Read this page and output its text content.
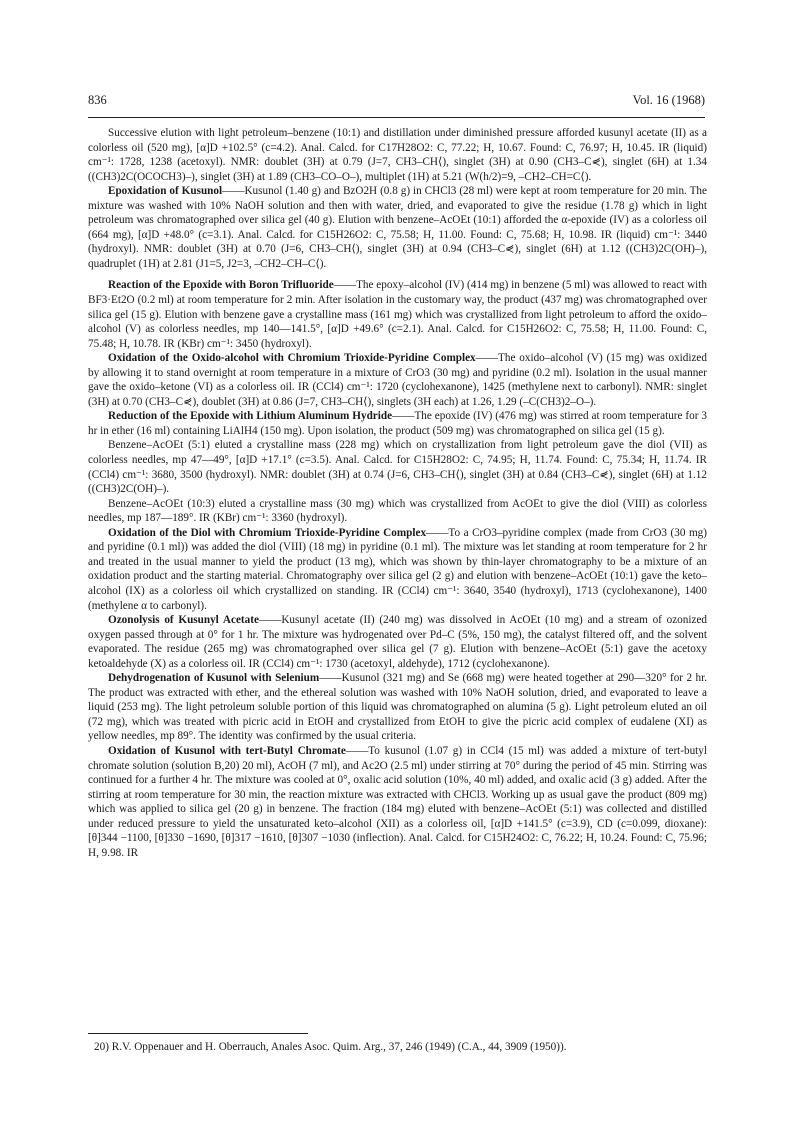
836	Vol. 16 (1968)

Successive elution with light petroleum–benzene (10:1) and distillation under diminished pressure afforded kusunyl acetate (II) as a colorless oil (520 mg), [α]D +102.5° (c=4.2). Anal. Calcd. for C17H28O2: C, 77.22; H, 10.67. Found: C, 76.97; H, 10.45. IR (liquid) cm⁻¹: 1728, 1238 (acetoxyl). NMR: doublet (3H) at 0.79 (J=7, CH3–CH⟨), singlet (3H) at 0.90 (CH3–C⋞), singlet (6H) at 1.34 ((CH3)2C(OCOCH3)–), singlet (3H) at 1.89 (CH3–CO–O–), multiplet (1H) at 5.21 (W(h/2)=9, –CH2–CH=C⟨).

Epoxidation of Kusunol——Kusunol (1.40 g) and BzO2H (0.8 g) in CHCl3 (28 ml) were kept at room temperature for 20 min. The mixture was washed with 10% NaOH solution and then with water, dried, and evaporated to give the residue (1.78 g) which in light petroleum was chromatographed over silica gel (40 g). Elution with benzene–AcOEt (10:1) afforded the α-epoxide (IV) as a colorless oil (664 mg), [α]D +48.0° (c=3.1). Anal. Calcd. for C15H26O2: C, 75.58; H, 11.00. Found: C, 75.68; H, 10.98. IR (liquid) cm⁻¹: 3440 (hydroxyl). NMR: doublet (3H) at 0.70 (J=6, CH3–CH⟨), singlet (3H) at 0.94 (CH3–C⋞), singlet (6H) at 1.12 ((CH3)2C(OH)–), quadruplet (1H) at 2.81 (J1=5, J2=3, –CH2–CH–C⟨).

Reaction of the Epoxide with Boron Trifluoride——The epoxy–alcohol (IV) (414 mg) in benzene (5 ml) was allowed to react with BF3·Et2O (0.2 ml) at room temperature for 2 min. After isolation in the customary way, the product (437 mg) was chromatographed over silica gel (15 g). Elution with benzene gave a crystalline mass (161 mg) which was crystallized from light petroleum to afford the oxido–alcohol (V) as colorless needles, mp 140—141.5°, [α]D +49.6° (c=2.1). Anal. Calcd. for C15H26O2: C, 75.58; H, 11.00. Found: C, 75.48; H, 10.78. IR (KBr) cm⁻¹: 3450 (hydroxyl).

Oxidation of the Oxido-alcohol with Chromium Trioxide-Pyridine Complex——The oxido–alcohol (V) (15 mg) was oxidized by allowing it to stand overnight at room temperature in a mixture of CrO3 (30 mg) and pyridine (0.2 ml). Isolation in the usual manner gave the oxido–ketone (VI) as a colorless oil. IR (CCl4) cm⁻¹: 1720 (cyclohexanone), 1425 (methylene next to carbonyl). NMR: singlet (3H) at 0.70 (CH3–C⋞), doublet (3H) at 0.86 (J=7, CH3–CH⟨), singlets (3H each) at 1.26, 1.29 (–C(CH3)2–O–).

Reduction of the Epoxide with Lithium Aluminum Hydride——The epoxide (IV) (476 mg) was stirred at room temperature for 3 hr in ether (16 ml) containing LiAlH4 (150 mg). Upon isolation, the product (509 mg) was chromatographed on silica gel (15 g).

Benzene–AcOEt (5:1) eluted a crystalline mass (228 mg) which on crystallization from light petroleum gave the diol (VII) as colorless needles, mp 47—49°, [α]D +17.1° (c=3.5). Anal. Calcd. for C15H28O2: C, 74.95; H, 11.74. Found: C, 75.34; H, 11.74. IR (CCl4) cm⁻¹: 3680, 3500 (hydroxyl). NMR: doublet (3H) at 0.74 (J=6, CH3–CH⟨), singlet (3H) at 0.84 (CH3–C⋞), singlet (6H) at 1.12 ((CH3)2C(OH)–).

Benzene–AcOEt (10:3) eluted a crystalline mass (30 mg) which was crystallized from AcOEt to give the diol (VIII) as colorless needles, mp 187—189°. IR (KBr) cm⁻¹: 3360 (hydroxyl).

Oxidation of the Diol with Chromium Trioxide-Pyridine Complex——To a CrO3–pyridine complex (made from CrO3 (30 mg) and pyridine (0.1 ml)) was added the diol (VIII) (18 mg) in pyridine (0.1 ml). The mixture was let standing at room temperature for 2 hr and treated in the usual manner to yield the product (13 mg), which was shown by thin-layer chromatography to be a mixture of an oxidation product and the starting material. Chromatography over silica gel (2 g) and elution with benzene–AcOEt (10:1) gave the keto–alcohol (IX) as a colorless oil which crystallized on standing. IR (CCl4) cm⁻¹: 3640, 3540 (hydroxyl), 1713 (cyclohexanone), 1400 (methylene α to carbonyl).

Ozonolysis of Kusunyl Acetate——Kusunyl acetate (II) (240 mg) was dissolved in AcOEt (10 mg) and a stream of ozonized oxygen passed through at 0° for 1 hr. The mixture was hydrogenated over Pd–C (5%, 150 mg), the catalyst filtered off, and the solvent evaporated. The residue (265 mg) was chromatographed over silica gel (7 g). Elution with benzene–AcOEt (5:1) gave the acetoxy ketoaldehyde (X) as a colorless oil. IR (CCl4) cm⁻¹: 1730 (acetoxyl, aldehyde), 1712 (cyclohexanone).

Dehydrogenation of Kusunol with Selenium——Kusunol (321 mg) and Se (668 mg) were heated together at 290—320° for 2 hr. The product was extracted with ether, and the ethereal solution was washed with 10% NaOH solution, dried, and evaporated to leave a liquid (253 mg). The light petroleum soluble portion of this liquid was chromatographed on alumina (5 g). Light petroleum eluted an oil (72 mg), which was treated with picric acid in EtOH and crystallized from EtOH to give the picric acid complex of eudalene (XI) as yellow needles, mp 89°. The identity was confirmed by the usual criteria.

Oxidation of Kusunol with tert-Butyl Chromate——To kusunol (1.07 g) in CCl4 (15 ml) was added a mixture of tert-butyl chromate solution (solution B,20) 20 ml), AcOH (7 ml), and Ac2O (2.5 ml) under stirring at 70° during the period of 45 min. Stirring was continued for a further 4 hr. The mixture was cooled at 0°, oxalic acid solution (10%, 40 ml) added, and oxalic acid (3 g) added. After the stirring at room temperature for 30 min, the reaction mixture was extracted with CHCl3. Working up as usual gave the product (809 mg) which was applied to silica gel (20 g) in benzene. The fraction (184 mg) eluted with benzene–AcOEt (5:1) was collected and distilled under reduced pressure to yield the unsaturated keto–alcohol (XII) as a colorless oil, [α]D +141.5° (c=3.9), CD (c=0.099, dioxane): [θ]344 −1100, [θ]330 −1690, [θ]317 −1610, [θ]307 −1030 (inflection). Anal. Calcd. for C15H24O2: C, 76.22; H, 10.24. Found: C, 75.96; H, 9.98. IR

20) R.V. Oppenauer and H. Oberrauch, Anales Asoc. Quim. Arg., 37, 246 (1949) (C.A., 44, 3909 (1950)).
